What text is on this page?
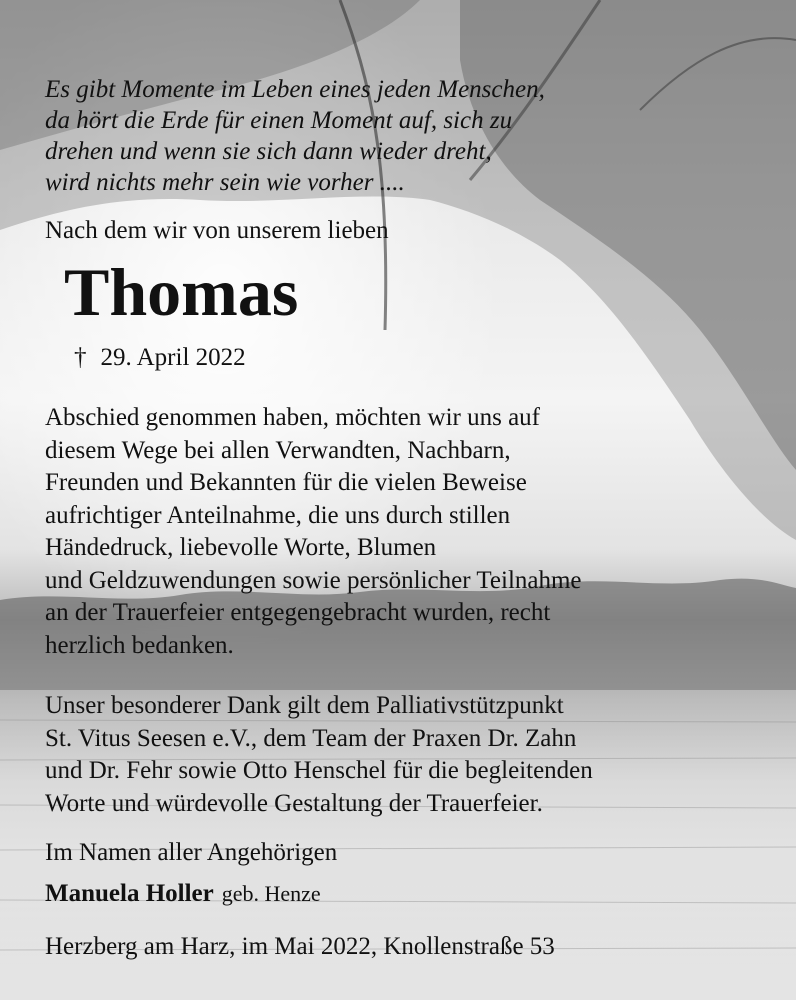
Es gibt Momente im Leben eines jeden Menschen,
da hört die Erde für einen Moment auf, sich zu
drehen und wenn sie sich dann wieder dreht,
wird nichts mehr sein wie vorher ....
Nach dem wir von unserem lieben
Thomas
† 29. April 2022
Abschied genommen haben, möchten wir uns auf
diesem Wege bei allen Verwandten, Nachbarn,
Freunden und Bekannten für die vielen Beweise
aufrichtiger Anteilnahme, die uns durch stillen
Händedruck, liebevolle Worte, Blumen
und Geldzuwendungen sowie persönlicher Teilnahme
an der Trauerfeier entgegengebracht wurden, recht
herzlich bedanken.
Unser besonderer Dank gilt dem Palliativstützpunkt
St. Vitus Seesen e.V., dem Team der Praxen Dr. Zahn
und Dr. Fehr sowie Otto Henschel für die begleitenden
Worte und würdevolle Gestaltung der Trauerfeier.
Im Namen aller Angehörigen
Manuela Holler geb. Henze
Herzberg am Harz, im Mai 2022, Knollenstraße 53
